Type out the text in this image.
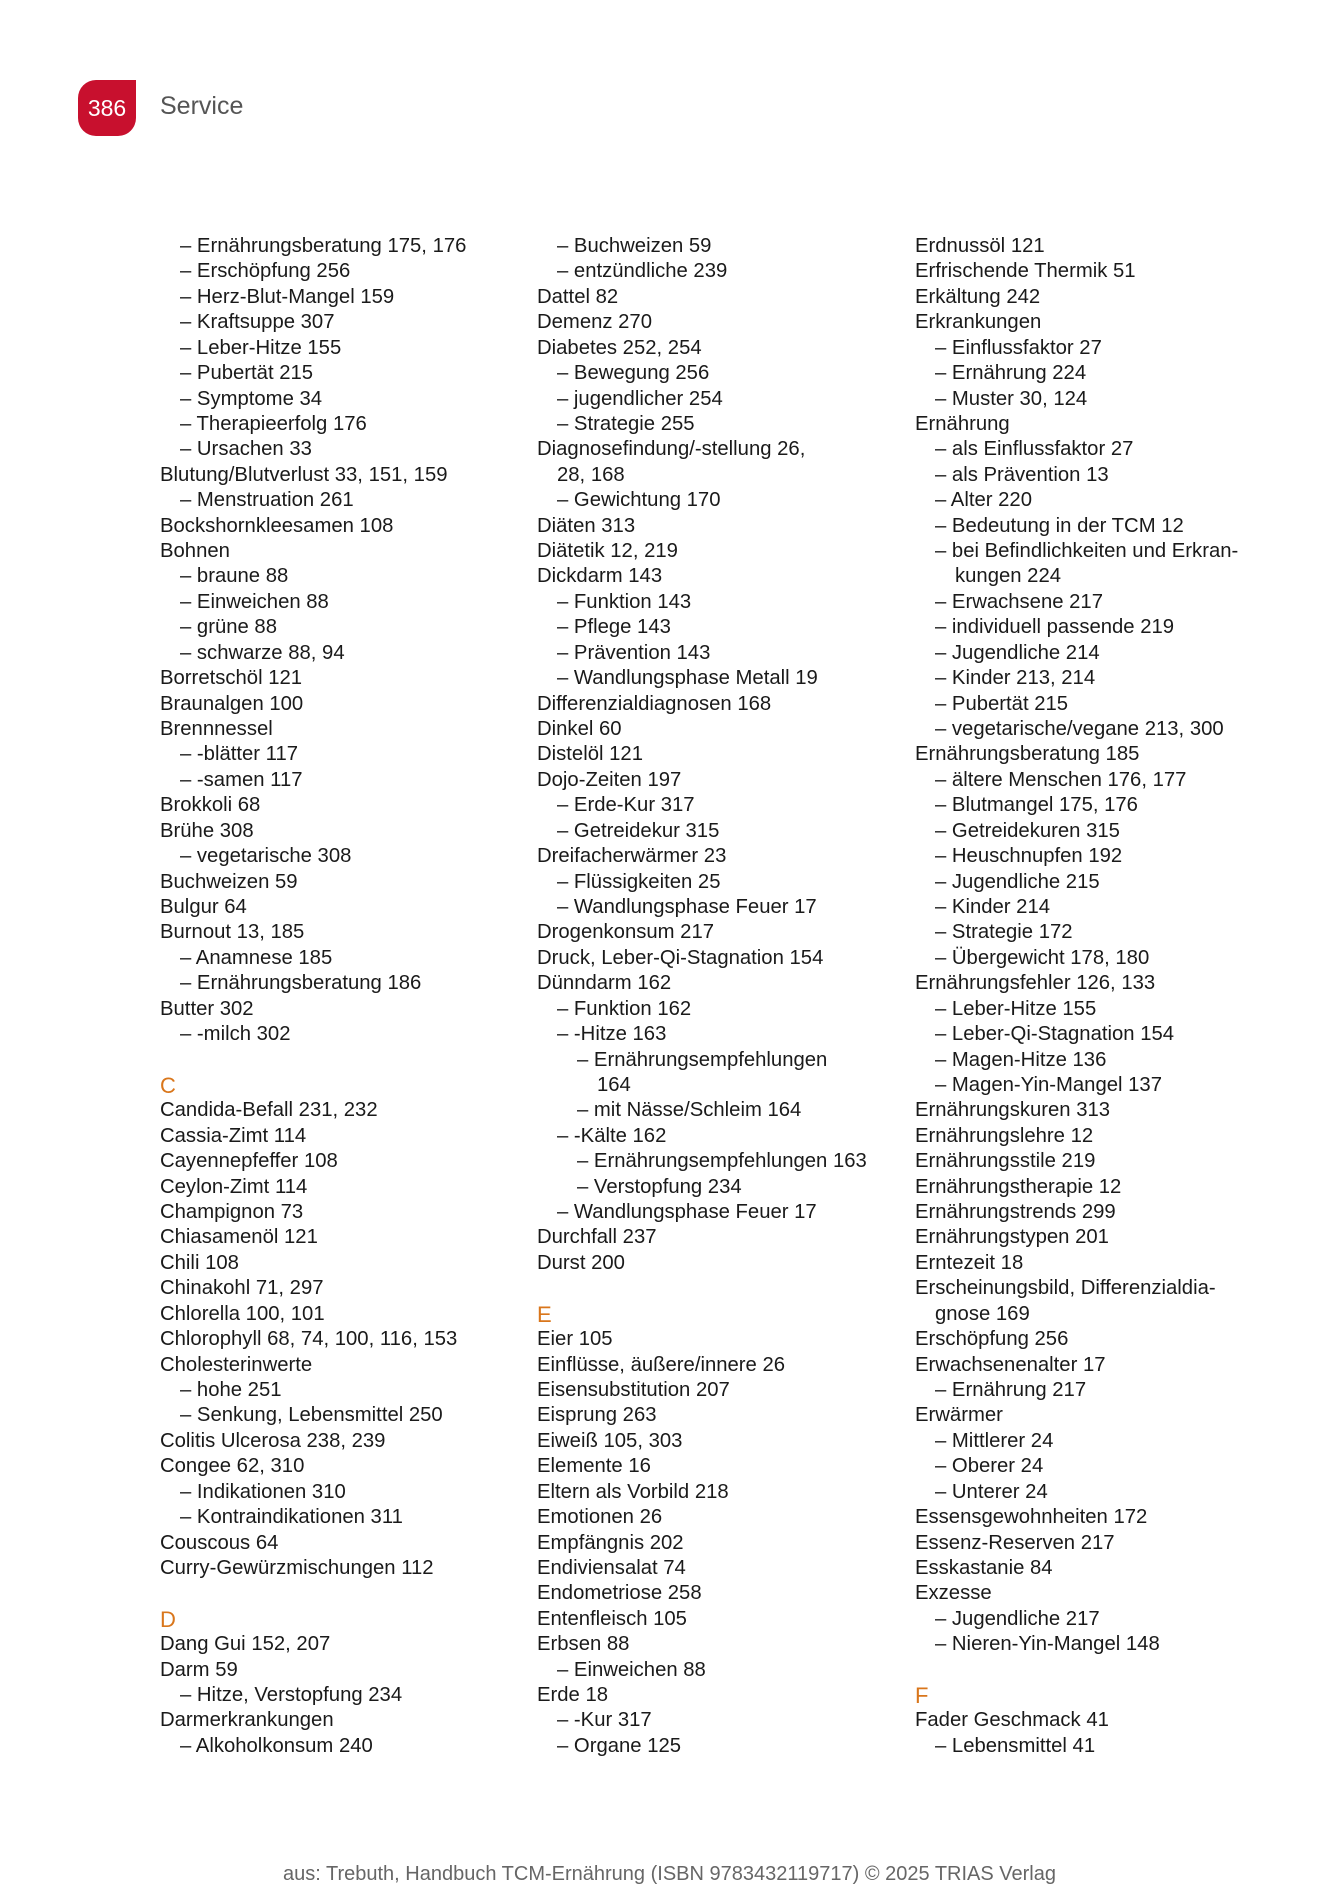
386 Service
– Ernährungsberatung 175, 176
– Erschöpfung 256
– Herz-Blut-Mangel 159
– Kraftsuppe 307
– Leber-Hitze 155
– Pubertät 215
– Symptome 34
– Therapieerfolg 176
– Ursachen 33
Blutung/Blutverlust 33, 151, 159
– Menstruation 261
Bockshornkleesamen 108
Bohnen
– braune 88
– Einweichen 88
– grüne 88
– schwarze 88, 94
Borretschöl 121
Braunalgen 100
Brennnessel
– -blätter 117
– -samen 117
Brokkoli 68
Brühe 308
– vegetarische 308
Buchweizen 59
Bulgur 64
Burnout 13, 185
– Anamnese 185
– Ernährungsberatung 186
Butter 302
– -milch 302
C
Candida-Befall 231, 232
Cassia-Zimt 114
Cayennepfeffer 108
Ceylon-Zimt 114
Champignon 73
Chiasamenöl 121
Chili 108
Chinakohl 71, 297
Chlorella 100, 101
Chlorophyll 68, 74, 100, 116, 153
Cholesterinwerte
– hohe 251
– Senkung, Lebensmittel 250
Colitis Ulcerosa 238, 239
Congee 62, 310
– Indikationen 310
– Kontraindikationen 311
Couscous 64
Curry-Gewürzmischungen 112
D
Dang Gui 152, 207
Darm 59
– Hitze, Verstopfung 234
Darmerkrankungen
– Alkoholkonsum 240
– Buchweizen 59
– entzündliche 239
Dattel 82
Demenz 270
Diabetes 252, 254
– Bewegung 256
– jugendlicher 254
– Strategie 255
Diagnosefindung/-stellung 26,
28, 168
– Gewichtung 170
Diäten 313
Diätetik 12, 219
Dickdarm 143
– Funktion 143
– Pflege 143
– Prävention 143
– Wandlungsphase Metall 19
Differenzialdiagnosen 168
Dinkel 60
Distelöl 121
Dojo-Zeiten 197
– Erde-Kur 317
– Getreidekur 315
Dreifacherwärmer 23
– Flüssigkeiten 25
– Wandlungsphase Feuer 17
Drogenkonsum 217
Druck, Leber-Qi-Stagnation 154
Dünndarm 162
– Funktion 162
– -Hitze 163
– Ernährungsempfehlungen
164
– mit Nässe/Schleim 164
– -Kälte 162
– Ernährungsempfehlungen 163
– Verstopfung 234
– Wandlungsphase Feuer 17
Durchfall 237
Durst 200
E
Eier 105
Einflüsse, äußere/innere 26
Eisensubstitution 207
Eisprung 263
Eiweiß 105, 303
Elemente 16
Eltern als Vorbild 218
Emotionen 26
Empfängnis 202
Endiviensalat 74
Endometriose 258
Entenfleisch 105
Erbsen 88
– Einweichen 88
Erde 18
– -Kur 317
– Organe 125
Erdnussöl 121
Erfrischende Thermik 51
Erkältung 242
Erkrankungen
– Einflussfaktor 27
– Ernährung 224
– Muster 30, 124
Ernährung
– als Einflussfaktor 27
– als Prävention 13
– Alter 220
– Bedeutung in der TCM 12
– bei Befindlichkeiten und Erkran-
kungen 224
– Erwachsene 217
– individuell passende 219
– Jugendliche 214
– Kinder 213, 214
– Pubertät 215
– vegetarische/vegane 213, 300
Ernährungsberatung 185
– ältere Menschen 176, 177
– Blutmangel 175, 176
– Getreidekuren 315
– Heuschnupfen 192
– Jugendliche 215
– Kinder 214
– Strategie 172
– Übergewicht 178, 180
Ernährungsfehler 126, 133
– Leber-Hitze 155
– Leber-Qi-Stagnation 154
– Magen-Hitze 136
– Magen-Yin-Mangel 137
Ernährungskuren 313
Ernährungslehre 12
Ernährungsstile 219
Ernährungstherapie 12
Ernährungstrends 299
Ernährungstypen 201
Erntezeit 18
Erscheinungsbild, Differenzialdia-
gnose 169
Erschöpfung 256
Erwachsenenalter 17
– Ernährung 217
Erwärmer
– Mittlerer 24
– Oberer 24
– Unterer 24
Essensgewohnheiten 172
Essenz-Reserven 217
Esskastanie 84
Exzesse
– Jugendliche 217
– Nieren-Yin-Mangel 148
F
Fader Geschmack 41
– Lebensmittel 41
aus: Trebuth, Handbuch TCM-Ernährung (ISBN 9783432119717) © 2025 TRIAS Verlag
